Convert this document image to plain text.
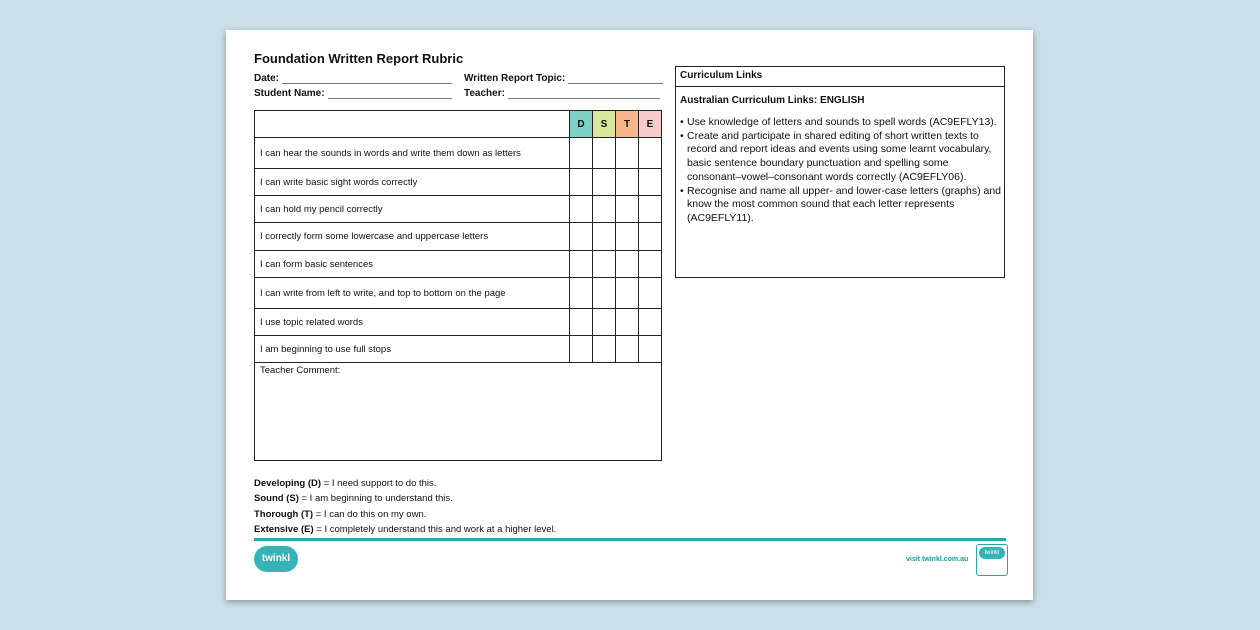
Foundation Written Report Rubric
Date:	Written Report Topic:
Student Name:	Teacher:
	D	S	T	E
I can hear the sounds in words and write them down as letters				
I can write basic sight words correctly				
I can hold my pencil correctly				
I correctly form some lowercase and uppercase letters				
I can form basic sentences				
I can write from left to write, and top to bottom on the page				
I use topic related words				
I am beginning to use full stops				
Teacher Comment:				
Curriculum Links
Australian Curriculum Links: ENGLISH
• Use knowledge of letters and sounds to spell words (AC9EFLY13).
• Create and participate in shared editing of short written texts to record and report ideas and events using some learnt vocabulary, basic sentence boundary punctuation and spelling some consonant–vowel–consonant words correctly (AC9EFLY06).
• Recognise and name all upper- and lower-case letters (graphs) and know the most common sound that each letter represents (AC9EFLY11).
Developing (D) = I need support to do this.
Sound (S) = I am beginning to understand this.
Thorough (T) = I can do this on my own.
Extensive (E) = I completely understand this and work at a higher level.
twinkl	visit twinkl.com.au
twinkl
